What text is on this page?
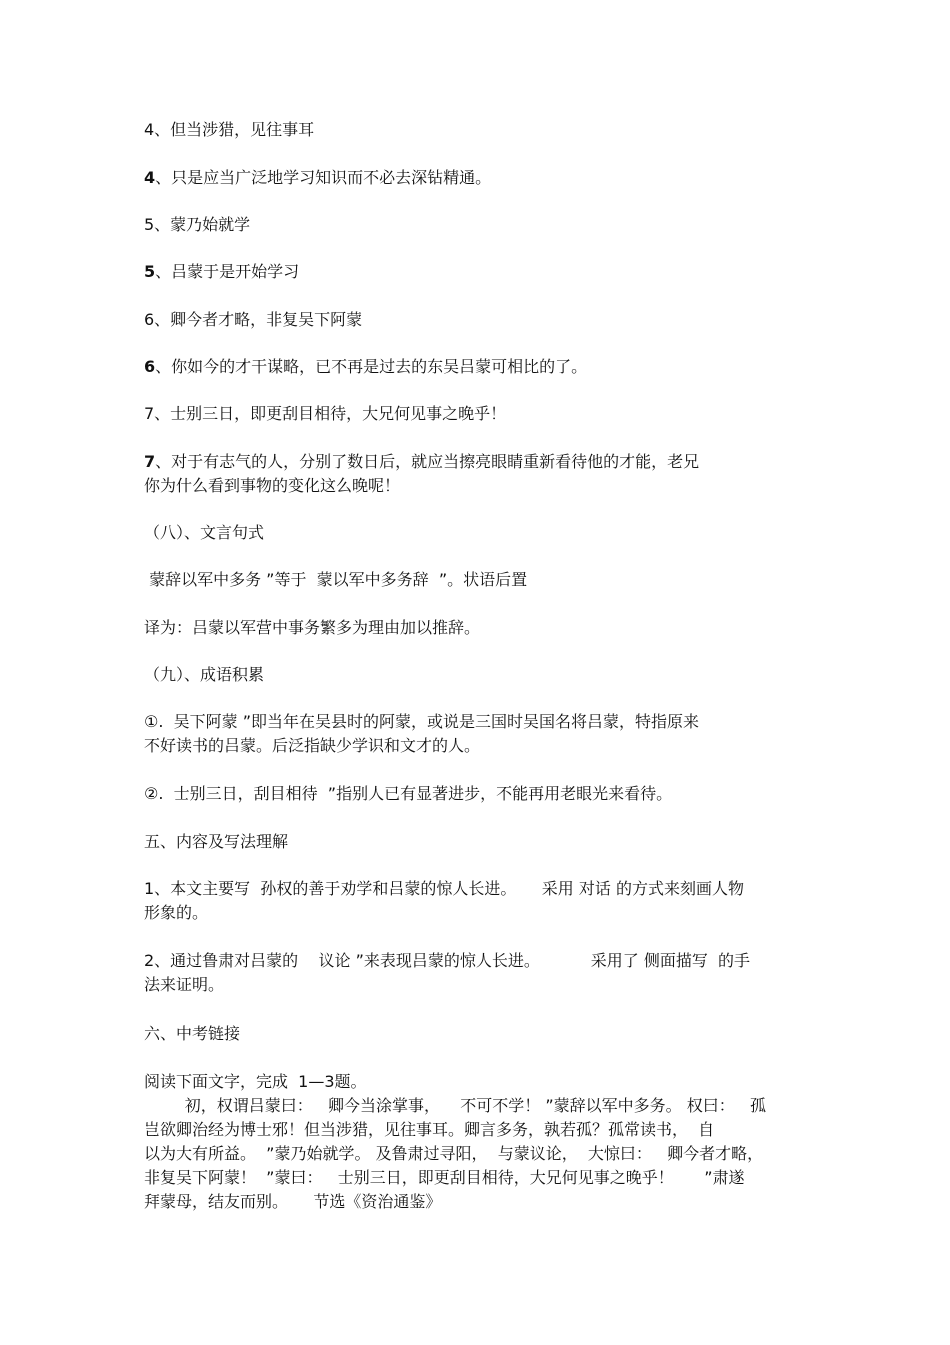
4、但当涉猎，见往事耳

4、只是应当广泛地学习知识而不必去深钻精通。

5、蒙乃始就学

5、吕蒙于是开始学习

6、卿今者才略，非复吴下阿蒙

6、你如今的才干谋略，已不再是过去的东吴吕蒙可相比的了。

7、士别三日，即更刮目相待，大兄何见事之晚乎！

7、对于有志气的人，分别了数日后，就应当擦亮眼睛重新看待他的才能，老兄
你为什么看到事物的变化这么晚呢！

（八）、文言句式

蒙辞以军中多务 ”等于  蒙以军中多务辞  ”。状语后置

译为：吕蒙以军营中事务繁多为理由加以推辞。

（九）、成语积累

①.  吴下阿蒙 ”即当年在吴县时的阿蒙，或说是三国时吴国名将吕蒙，特指原来
不好读书的吕蒙。后泛指缺少学识和文才的人。

②.  士别三日，刮目相待  ”指别人已有显著进步，不能再用老眼光来看待。

五、内容及写法理解

1、本文主要写  孙权的善于劝学和吕蒙的惊人长进。     采用 对话 的方式来刻画人物
形象的。

2、通过鲁肃对吕蒙的    议论 ”来表现吕蒙的惊人长进。          采用了 侧面描写  的手
法来证明。

六、中考链接

阅读下面文字，完成  1—3题。
初，权谓吕蒙曰：   卿今当涂掌事，    不可不学！ ”蒙辞以军中多务。 权曰：   孤
岂欲卿治经为博士邪！但当涉猎，见往事耳。卿言多务，孰若孤？孤常读书，  自
以为大有所益。  ”蒙乃始就学。 及鲁肃过寻阳，  与蒙议论，  大惊曰：   卿今者才略，
非复吴下阿蒙！  ”蒙曰：   士别三日，即更刮目相待，大兄何见事之晚乎！      ”肃遂
拜蒙母，结友而别。     节选《资治通鉴》
